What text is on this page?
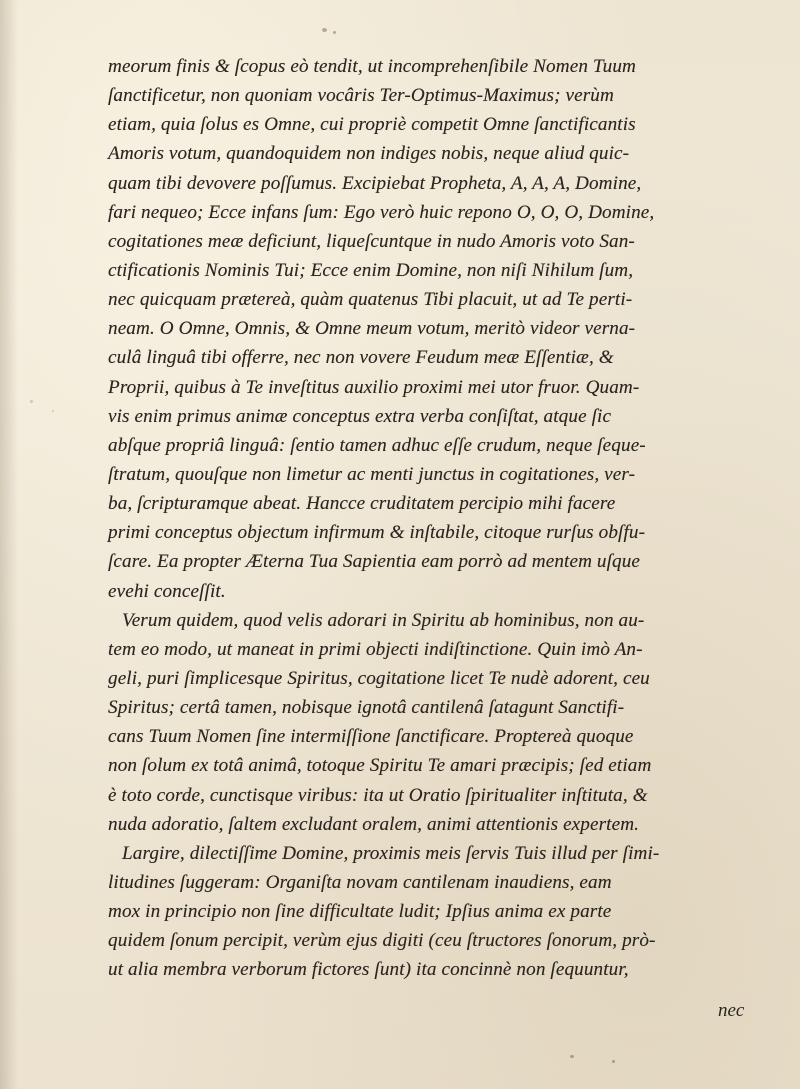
meorum finis & ſcopus eò tendit, ut incomprehenſibile Nomen Tuum
ſanctificetur, non quoniam vocâris Ter-Optimus-Maximus; verùm
etiam, quia ſolus es Omne, cui propriè competit Omne ſanctificantis
Amoris votum, quandoquidem non indiges nobis, neque aliud quic-
quam tibi devovere poſſumus. Excipiebat Propheta, A, A, A, Domine,
fari nequeo; Ecce infans ſum: Ego verò huic repono O, O, O, Domine,
cogitationes meæ deficiunt, liqueſcuntque in nudo Amoris voto San-
ctificationis Nominis Tui; Ecce enim Domine, non niſi Nihilum ſum,
nec quicquam prætereà, quàm quatenus Tibi placuit, ut ad Te perti-
neam. O Omne, Omnis, & Omne meum votum, meritò videor verna-
culâ linguâ tibi offerre, nec non vovere Feudum meæ Eſſentiæ, &
Proprii, quibus à Te inveſtitus auxilio proximi mei utor fruor. Quam-
vis enim primus animæ conceptus extra verba conſiſtat, atque ſic
abſque propriâ linguâ: ſentio tamen adhuc eſſe crudum, neque ſeque-
ſtratum, quouſque non limetur ac menti junctus in cogitationes, ver-
ba, ſcripturamque abeat. Hancce cruditatem percipio mihi facere
primi conceptus objectum infirmum & inſtabile, citoque rurſus obſfu-
ſcare. Ea propter Æterna Tua Sapientia eam porrò ad mentem uſque
evehi conceſſit.
Verum quidem, quod velis adorari in Spiritu ab hominibus, non au-
tem eo modo, ut maneat in primi objecti indiſtinctione. Quin imò An-
geli, puri ſimplicesque Spiritus, cogitatione licet Te nudè adorent, ceu
Spiritus; certâ tamen, nobisque ignotâ cantilenâ ſatagunt Sanctifi-
cans Tuum Nomen ſine intermiſſione ſanctificare. Proptereà quoque
non ſolum ex totâ animâ, totoque Spiritu Te amari præcipis; ſed etiam
è toto corde, cunctisque viribus: ita ut Oratio ſpiritualiter inſtituta, &
nuda adoratio, ſaltem excludant oralem, animi attentionis expertem.
Largire, dilectiſſime Domine, proximis meis ſervis Tuis illud per ſimi-
litudines ſuggeram: Organiſta novam cantilenam inaudiens, eam
mox in principio non ſine difficultate ludit; Ipſius anima ex parte
quidem ſonum percipit, verùm ejus digiti (ceu ſtructores ſonorum, prò-
ut alia membra verborum fictores ſunt) ita concinnè non ſequuntur,
nec
